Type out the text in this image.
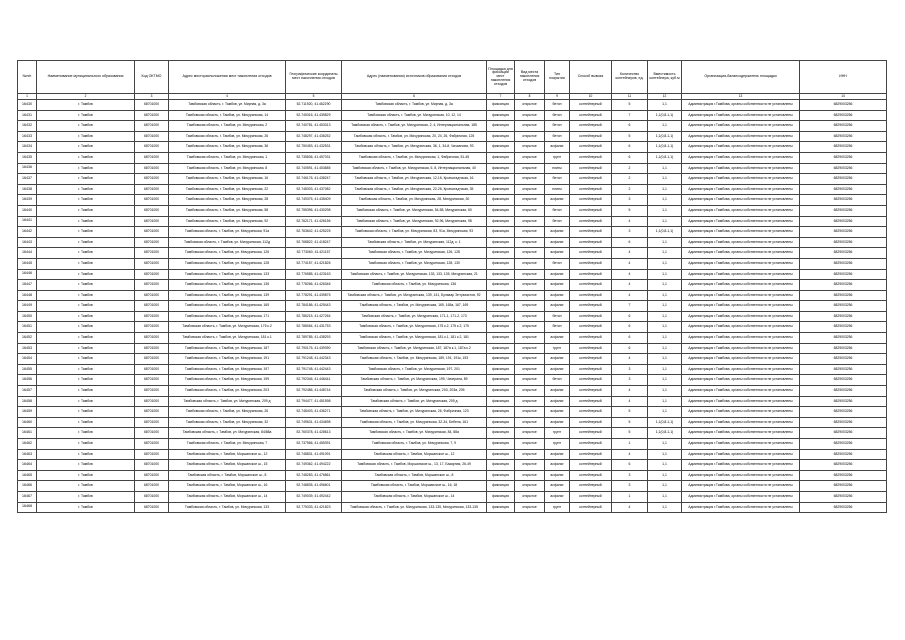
№п/п	Наименование муниципального образования	Код ОКТМО	Адрес месторасположения мест накопления отходов	Географические координаты мест накопления отходов	Адрес (наименования) источников образования отходов	Площадка для фиксации мест накопления отходов	Вид места накопления отходов	Тип покрытия	Способ вывоза	Количество контейнеров, ед.	Вместимость контейнера, куб.м	Организация-балансодержатель площадки	ИНН
1	2	3	4	5	6	7	8	9	10	11	12	13	14
16430	г. Тамбов	68701000	Тамбовская область, г. Тамбов, ул. Мирная, д. 3а	52.711920, 41.462290	Тамбовская область, г. Тамбов, ул. Мирная, д. 3а	фиксатция	открытое	бетон	контейнерный	5	1,1	Администрация г.Тамбова, органы собственности не установлены	6829003256
16431	г. Тамбов	68701000	Тамбовская область, г. Тамбов, ул. Мичуринская, 14	52.745316, 41.439829	Тамбовская область, г. Тамбов, ул. Мичуринская, 10, 12, 14	фиксатция	открытое	бетон	контейнерный	7	1,1(0,8-1,1)	Администрация г.Тамбова, органы собственности не установлены	6829003256
16432	г. Тамбов	68701000	Тамбовская область, г. Тамбов, ул. Мичуринская, 2	52.740781, 41.453313	Тамбовская область, г. Тамбов, ул. Мичуринская, 2, 4, Интернациональная, 185	фиксатция	открытое	бетон	контейнерный	6	1,1	Администрация г.Тамбова, органы собственности не установлены	6829003256
16433	г. Тамбов	68701000	Тамбовская область, г. Тамбов, ул. Мичуринская, 26	52.748297, 41.436252	Тамбовская область, г. Тамбов, ул. Мичуринская, 20, 24, 26, Фабричная, 125	фиксатция	открытое	бетон	контейнерный	5	1,1(0,8-1,1)	Администрация г.Тамбова, органы собственности не установлены	6829003256
16434	г. Тамбов	68701000	Тамбовская область, г. Тамбов, ул. Мичуринская, 36	52.750453, 41.432531	Тамбовская область, г. Тамбов, ул. Мичуринская, 36, 1, 34-й, Чичканова, 93	фиксатция	открытое	асфальт	контейнерный	6	1,1(0,8-1,1)	Администрация г.Тамбова, органы собственности не установлены	6829003256
16435	г. Тамбов	68701000	Тамбовская область, г. Тамбов, ул. Мичуринская, 1	52.735836, 41.457031	Тамбовская область, г. Тамбов, ул. Мичуринская, 1, Фабричная, 51-45	фиксатция	открытое	грунт	контейнерный	6	1,1(0,8-1,1)	Администрация г.Тамбова, органы собственности не установлены	6829003256
16436	г. Тамбов	68701000	Тамбовская область, г. Тамбов, ул. Мичуринская, 8	52.740591, 41.453685	Тамбовская область, г. Тамбов, ул. Мичуринская, 6, 8, Интернациональная, 40	фиксатция	открытое	плиты	контейнерный	2	1,1	Администрация г.Тамбова, органы собственности не установлены	6829003256
16437	г. Тамбов	68701000	Тамбовская область, г. Тамбов, ул. Мичуринская, 16	52.746176, 41.438247	Тамбовская область, г. Тамбов, ул. Мичуринская, 12-16, Кронштадтская, 16	фиксатция	открытое	бетон	контейнерный	2	1,1	Администрация г.Тамбова, органы собственности не установлены	6829003256
16438	г. Тамбов	68701000	Тамбовская область, г. Тамбов, ул. Мичуринская, 22	52.748303, 41.437082	Тамбовская область, г. Тамбов, ул. Мичуринская, 22-26, Кронштадтская, 35	фиксатция	открытое	плиты	контейнерный	2	1,1	Администрация г.Тамбова, органы собственности не установлены	6829003256
16439	г. Тамбов	68701000	Тамбовская область, г. Тамбов, ул. Мичуринская, 28	52.749375, 41.435409	Тамбовская область, г. Тамбов, ул. Мичуринская, 28, Мичуринская, 30	фиксатция	открытое	асфальт	контейнерный	3	1,1	Администрация г.Тамбова, органы собственности не установлены	6829003256
16440	г. Тамбов	68701000	Тамбовская область, г. Тамбов, ул. Мичуринская, 58	52.755396, 41.430298	Тамбовская область, г. Тамбов, ул. Мичуринская, 54-58, Мичуринская, 60	фиксатция	открытое	бетон	контейнерный	5	1,1	Администрация г.Тамбова, органы собственности не установлены	6829003256
16441	г. Тамбов	68701000	Тамбовская область, г. Тамбов, ул. Мичуринская, 92	52.762171, 41.426156	Тамбовская область, г. Тамбов, ул. Мичуринская, 92-96, Мичуринская, 98	фиксатция	открытое	бетон	контейнерный	4	1,1	Администрация г.Тамбова, органы собственности не установлены	6829003256
16442	г. Тамбов	68701000	Тамбовская область, г. Тамбов, ул. Мичуринская, 91а	52.763642, 41.425225	Тамбовская область, г. Тамбов, ул. Мичуринская, 83, 91а, Мичуринская, 93	фиксатция	открытое	асфальт	контейнерный	3	1,1(0,8-1,1)	Администрация г.Тамбова, органы собственности не установлены	6829003256
16443	г. Тамбов	68701000	Тамбовская область, г. Тамбов, ул. Мичуринская, 112д	52.768822, 41.418247	Тамбовская область, г. Тамбов, ул. Мичуринская, 112д, к. 1	фиксатция	открытое	асфальт	контейнерный	6	1,1	Администрация г.Тамбова, органы собственности не установлены	6829003256
16444	г. Тамбов	68701000	Тамбовская область, г. Тамбов, ул. Мичуринская, 126	52.773060, 41.421157	Тамбовская область, г. Тамбов, ул. Мичуринская, 126, 128	фиксатция	открытое	асфальт	контейнерный	4	1,1	Администрация г.Тамбова, органы собственности не установлены	6829003256
16445	г. Тамбов	68701000	Тамбовская область, г. Тамбов, ул. Мичуринская, 128	52.774157, 41.421826	Тамбовская область, г. Тамбов, ул. Мичуринская, 128, 130	фиксатция	открытое	бетон	контейнерный	4	1,1	Администрация г.Тамбова, органы собственности не установлены	6829003256
16446	г. Тамбов	68701000	Тамбовская область, г. Тамбов, ул. Мичуринская, 133	52.776585, 41.423163	Тамбовская область, г. Тамбов, ул. Мичуринская, 133, 133, 135, Мичуринская, 21	фиксатция	открытое	асфальт	контейнерный	4	1,1	Администрация г.Тамбова, органы собственности не установлены	6829003256
16447	г. Тамбов	68701000	Тамбовская область, г. Тамбов, ул. Мичуринская, 136	52.778266, 41.426346	Тамбовская область, г. Тамбов, ул. Мичуринская, 136	фиксатция	открытое	асфальт	контейнерный	4	1,1	Администрация г.Тамбова, органы собственности не установлены	6829003256
16448	г. Тамбов	68701000	Тамбовская область, г. Тамбов, ул. Мичуринская, 139	52.778291, 41.439875	Тамбовская область, г. Тамбов, ул. Мичуринская, 139, 141, Бульвар Энтузиастов, 92	фиксатция	открытое	асфальт	контейнерный	4	1,1	Администрация г.Тамбова, органы собственности не установлены	6829003256
16449	г. Тамбов	68701000	Тамбовская область, г. Тамбов, ул. Мичуринская, 165	52.784186, 41.425443	Тамбовская область, г. Тамбов, ул. Мичуринская, 165, 165а, 167, 169	фиксатция	открытое	асфальт	контейнерный	7	1,1	Администрация г.Тамбова, органы собственности не установлены	6829003256
16450	г. Тамбов	68701000	Тамбовская область, г. Тамбов, ул. Мичуринская, 171	52.786215, 41.427264	Тамбовская область, г. Тамбов, ул. Мичуринская, 171-1, 171-2, 173	фиксатция	открытое	бетон	контейнерный	6	1,1	Администрация г.Тамбова, органы собственности не установлены	6829003256
16451	г. Тамбов	68701000	Тамбовская область, г. Тамбов, ул. Мичуринская, 175 к.2	52.788064, 41.431753	Тамбовская область, г. Тамбов, ул. Мичуринская, 175 к.2, 175 к.2, 175	фиксатция	открытое	бетон	контейнерный	6	1,1	Администрация г.Тамбова, органы собственности не установлены	6829003256
16452	г. Тамбов	68701000	Тамбовская область, г. Тамбов, ул. Мичуринская, 181 к.1	52.789785, 41.438293	Тамбовская область, г. Тамбов, ул. Мичуринская, 181 к.1, 181 к.2, 181	фиксатция	открытое	асфальт	контейнерный	6	1,1	Администрация г.Тамбова, органы собственности не установлены	6829003256
16453	г. Тамбов	68701000	Тамбовская область, г. Тамбов, ул. Мичуринская, 187	52.790176, 41.439390	Тамбовская область, г. Тамбов, ул. Мичуринская, 187, 187а к.1, 187а к.2	фиксатция	открытое	грунт	контейнерный	6	1,1	Администрация г.Тамбова, органы собственности не установлены	6829003256
16454	г. Тамбов	68701000	Тамбовская область, г. Тамбов, ул. Мичуринская, 191	52.791248, 41.442343	Тамбовская область, г. Тамбов, ул. Мичуринская, 189, 191, 191к, 193	фиксатция	открытое	асфальт	контейнерный	4	1,1	Администрация г.Тамбова, органы собственности не установлены	6829003256
16455	г. Тамбов	68701000	Тамбовская область, г. Тамбов, ул. Мичуринская, 197	52.791748, 41.442443	Тамбовская область, г. Тамбов, ул. Мичуринская, 197, 201	фиксатция	открытое	асфальт	контейнерный	3	1,1	Администрация г.Тамбова, органы собственности не установлены	6829003256
16456	г. Тамбов	68701000	Тамбовская область, г. Тамбов, ул. Мичуринская, 199	52.792346, 41.446441	Тамбовская область, г. Тамбов, ул. Мичуринская, 199, Чичерина, 89	фиксатция	открытое	бетон	контейнерный	3	1,1	Администрация г.Тамбова, органы собственности не установлены	6829003256
16457	г. Тамбов	68701000	Тамбовская область, г. Тамбов, ул. Мичуринская, 203	52.792486, 41.448744	Тамбовская область, г. Тамбов, ул. Мичуринская, 203, 203а, 205	фиксатция	открытое	асфальт	контейнерный	4	1,1	Администрация г.Тамбова, органы собственности не установлены	6829003256
16458	г. Тамбов	68701000	Тамбовская область, г. Тамбов, ул. Мичуринская, 209 д	52.794477, 41.451598	Тамбовская область, г. Тамбов, ул. Мичуринская, 209 д	фиксатция	открытое	асфальт	контейнерный	4	1,1	Администрация г.Тамбова, органы собственности не установлены	6829003256
16459	г. Тамбов	68701000	Тамбовская область, г. Тамбов, ул. Мичуринская, 26	52.748403, 41.436271	Тамбовская область, г. Тамбов, ул. Мичуринская, 26, Фабричная, 123	фиксатция	открытое	асфальт	контейнерный	5	1,1	Администрация г.Тамбова, органы собственности не установлены	6829003256
16460	г. Тамбов	68701000	Тамбовская область, г. Тамбов, ул. Мичуринская, 32	52.749631, 41.434698	Тамбовская область, г. Тамбов, ул. Мичуринская, 32-34, Бебеля, 161	фиксатция	открытое	асфальт	контейнерный	5	1,1(0,8-1,1)	Администрация г.Тамбова, органы собственности не установлены	6829003256
16461	г. Тамбов	68701000	Тамбовская область, г. Тамбов, ул. Мичуринская, 84/88а	52.760378, 41.428613	Тамбовская область, г. Тамбов, ул. Мичуринская, 84, 88а	фиксатция	открытое	грунт	контейнерный	5	1,1(0,8-1,1)	Администрация г.Тамбова, органы собственности не установлены	6829003256
16462	г. Тамбов	68701000	Тамбовская область, г. Тамбов, ул. Мичуринская, 7	52.737566, 41.455391	Тамбовская область, г. Тамбов, ул. Мичуринская, 7, 9	фиксатция	открытое	грунт	контейнерный	1	1,1	Администрация г.Тамбова, органы собственности не установлены	6829003256
16463	г. Тамбов	68701000	Тамбовская область, г. Тамбов, Моршанское ш., 12	52.748831, 41.491091	Тамбовская область, г. Тамбов, Моршанское ш., 12	фиксатция	открытое	асфальт	контейнерный	4	1,1	Администрация г.Тамбова, органы собственности не установлены	6829003256
16464	г. Тамбов	68701000	Тамбовская область, г. Тамбов, Моршанское ш., 15	52.749362, 41.494222	Тамбовская область, г. Тамбов, Моршанское ш., 13, 17, Базарная, 26-49	фиксатция	открытое	асфальт	контейнерный	6	1,1	Администрация г.Тамбова, органы собственности не установлены	6829003256
16465	г. Тамбов	68701000	Тамбовская область, г. Тамбов, Моршанское ш., 8	52.748283, 41.476861	Тамбовская область, г. Тамбов, Моршанское ш., 8	фиксатция	открытое	асфальт	контейнерный	3	1,1	Администрация г.Тамбова, органы собственности не установлены	6829003256
16466	г. Тамбов	68701000	Тамбовская область, г. Тамбов, Моршанское ш., 16	52.748835, 41.496601	Тамбовская область, г. Тамбов, Моршанское ш., 16, 18	фиксатция	открытое	асфальт	контейнерный	3	1,1	Администрация г.Тамбова, органы собственности не установлены	6829003256
16467	г. Тамбов	68701000	Тамбовская область, г. Тамбов, Моршанское ш., 14	52.749039, 41.492442	Тамбовская область, г. Тамбов, Моршанское ш., 14	фиксатция	открытое	асфальт	контейнерный	1	1,1	Администрация г.Тамбова, органы собственности не установлены	6829003256
16468	г. Тамбов	68701000	Тамбовская область, г. Тамбов, ул. Мичуринская, 133	52.775333, 41.421823	Тамбовская область, г. Тамбов, ул. Мичуринская, 133-135, Мичуринская, 133-135	фиксатция	открытое	грунт	контейнерный	4	1,1	Администрация г.Тамбова, органы собственности не установлены	6829003256
